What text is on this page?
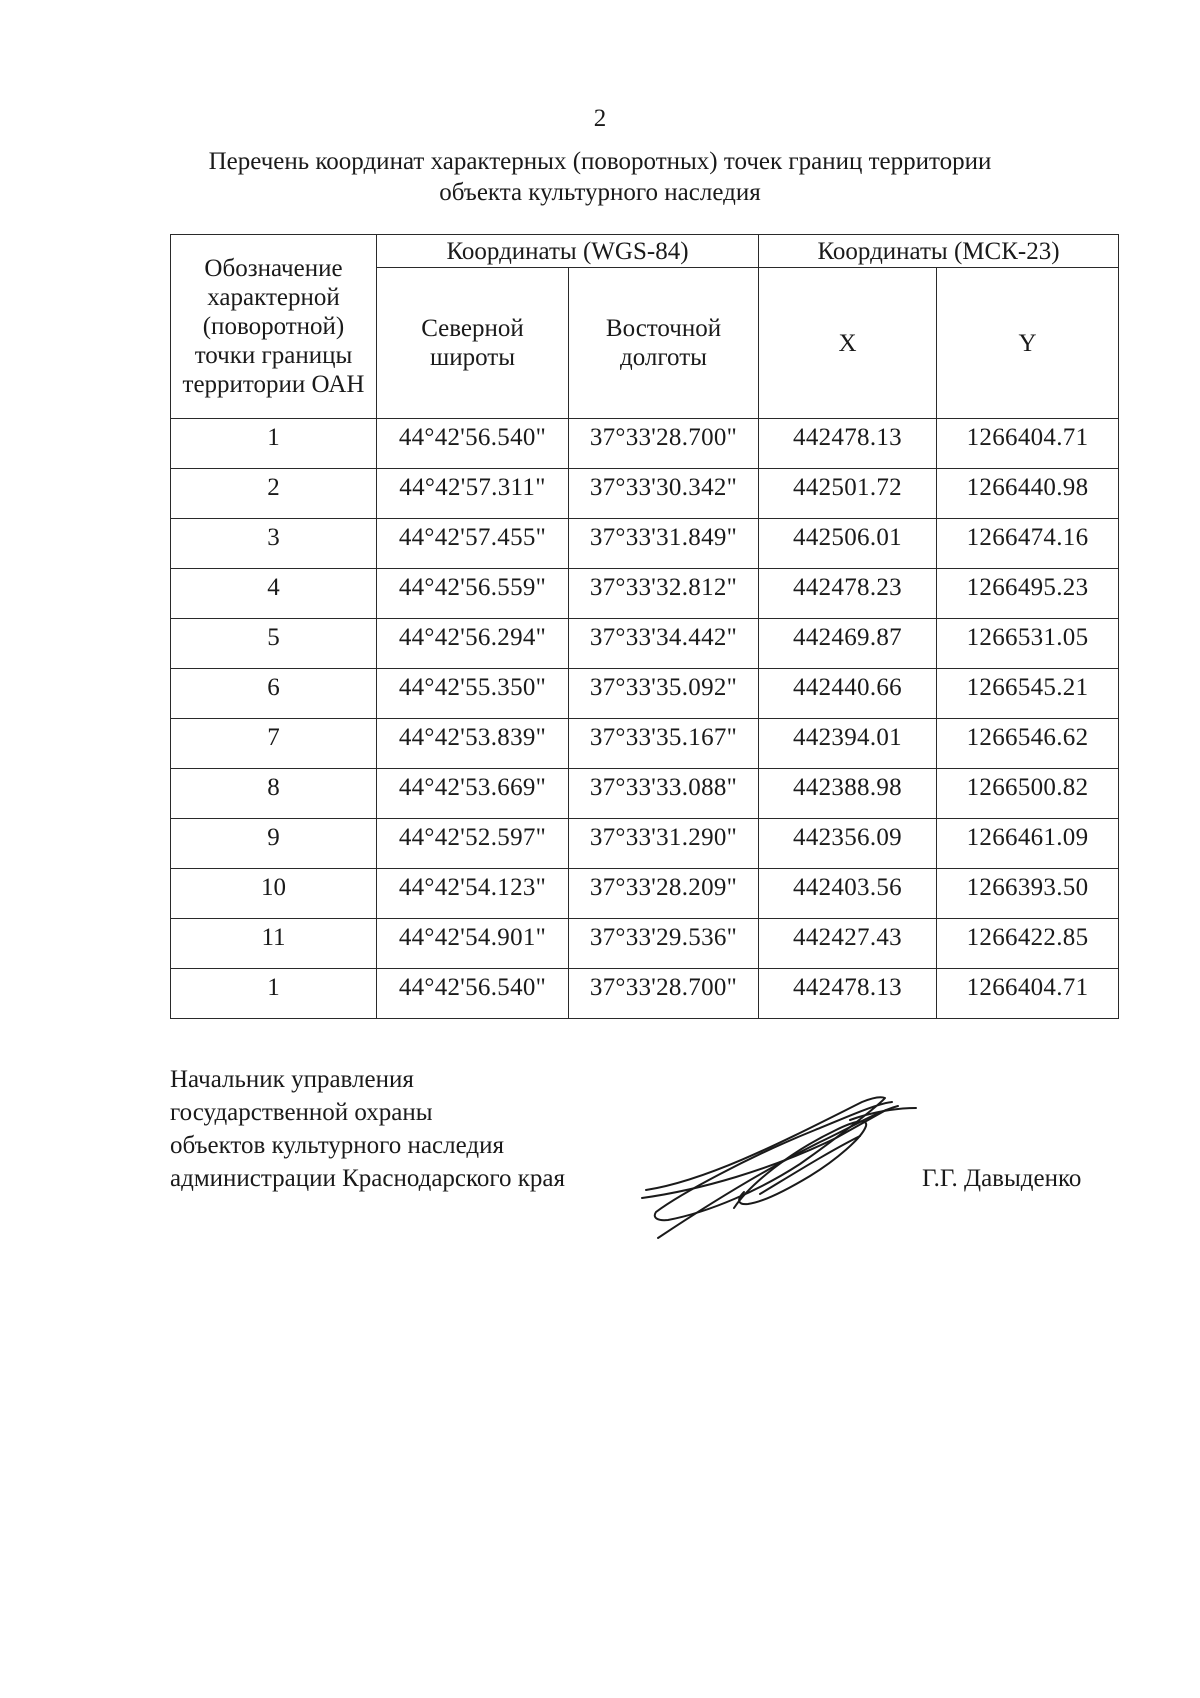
2
Перечень координат характерных (поворотных) точек границ территории
объекта культурного наследия
Обозначение характерной (поворотной) точки границы территории ОАН	Координаты (WGS-84)		Координаты (МСК-23)	
	Северной широты	Восточной долготы	X	Y
1	44°42'56.540"	37°33'28.700"	442478.13	1266404.71
2	44°42'57.311"	37°33'30.342"	442501.72	1266440.98
3	44°42'57.455"	37°33'31.849"	442506.01	1266474.16
4	44°42'56.559"	37°33'32.812"	442478.23	1266495.23
5	44°42'56.294"	37°33'34.442"	442469.87	1266531.05
6	44°42'55.350"	37°33'35.092"	442440.66	1266545.21
7	44°42'53.839"	37°33'35.167"	442394.01	1266546.62
8	44°42'53.669"	37°33'33.088"	442388.98	1266500.82
9	44°42'52.597"	37°33'31.290"	442356.09	1266461.09
10	44°42'54.123"	37°33'28.209"	442403.56	1266393.50
11	44°42'54.901"	37°33'29.536"	442427.43	1266422.85
1	44°42'56.540"	37°33'28.700"	442478.13	1266404.71
Начальник управления
государственной охраны
объектов культурного наследия
администрации Краснодарского края	Г.Г. Давыденко
